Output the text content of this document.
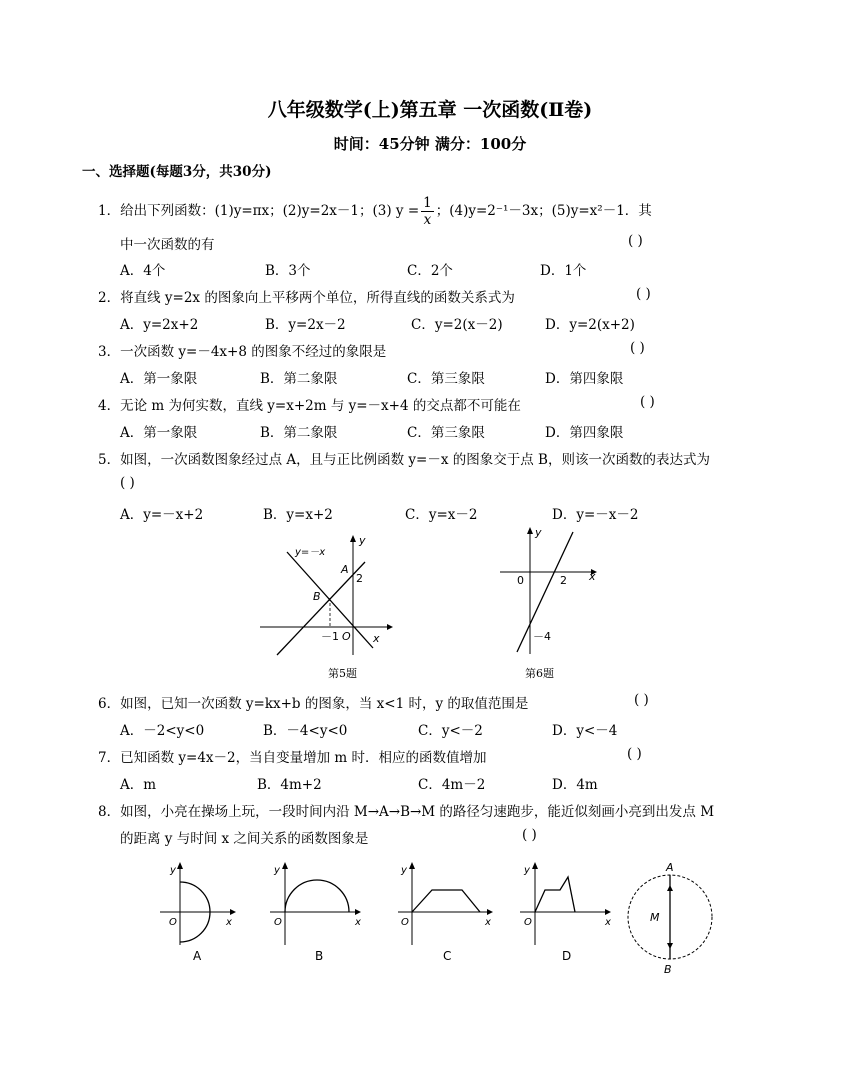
八年级数学(上)第五章 一次函数(Ⅱ卷)
时间：45分钟 满分：100分
一、选择题(每题3分，共30分)
1．给出下列函数：(1)y=πx；(2)y=2x－1；(3) $y = \frac{1}{x}$ ；(4)y=2⁻¹－3x；(5)y=x²－1．其
中一次函数的有	( )
A．4个	B．3个	C．2个	D．1个
2．将直线 y=2x 的图象向上平移两个单位，所得直线的函数关系式为	( )
A．y=2x+2	B．y=2x－2	C．y=2(x－2)	D．y=2(x+2)
3．一次函数 y=－4x+8 的图象不经过的象限是	( )
A．第一象限	B．第二象限	C．第三象限	D．第四象限
4．无论 m 为何实数，直线 y=x+2m 与 y=－x+4 的交点都不可能在	( )
A．第一象限	B．第二象限	C．第三象限	D．第四象限
5．如图，一次函数图象经过点 A，且与正比例函数 y=－x 的图象交于点 B，则该一次函数的表达式为
( )
A．y=－x+2	B．y=x+2	C．y=x－2	D．y=－x－2
y=－x
y
x
A
2
B
－1 O
y
x
0	2
－4
第5题	第6题
6．如图，已知一次函数 y=kx+b 的图象，当 x<1 时，y 的取值范围是	( )
A．－2<y<0	B．－4<y<0	C．y<－2	D．y<－4
7．已知函数 y=4x－2，当自变量增加 m 时．相应的函数值增加	( )
A．m	B．4m+2	C．4m－2	D．4m
8．如图，小亮在操场上玩，一段时间内沿 M→A→B→M 的路径匀速跑步，能近似刻画小亮到出发点 M
的距离 y 与时间 x 之间关系的函数图象是	( )
y
x
O
A
y
x
O
B
y
x
O
C
y
x
O
D
A
M
B
